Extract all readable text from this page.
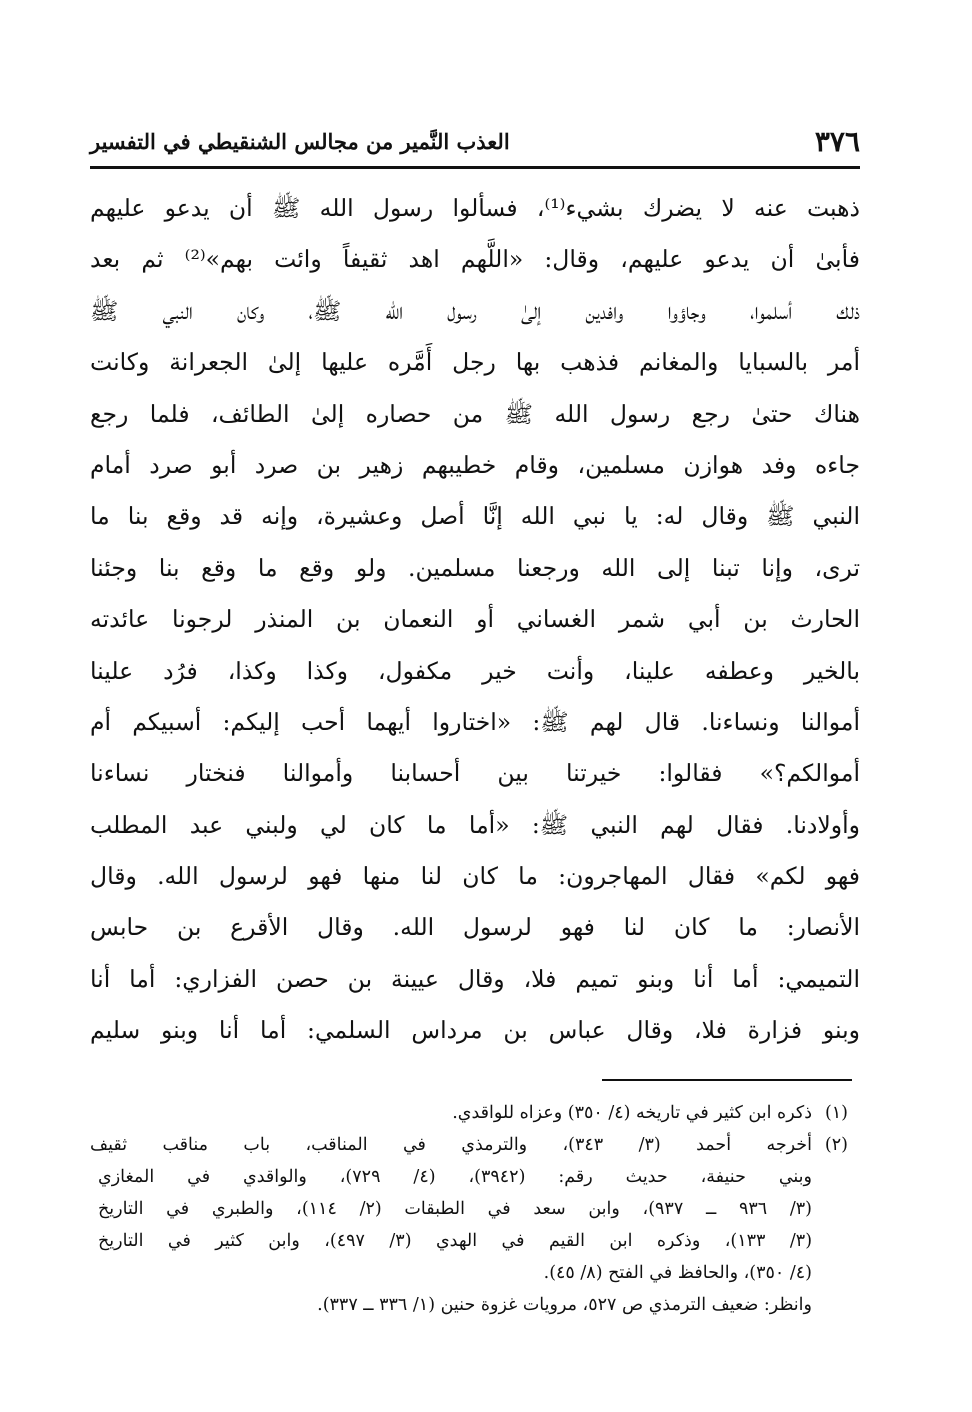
٣٧٦
العذب النَّمير من مجالس الشنقيطي في التفسير
ذهبت عنه لا يضرك بشيء⁽¹⁾، فسألوا رسول الله ﷺ أن يدعو عليهم
فأبىٰ أن يدعو عليهم، وقال: «اللَّهم اهد ثقيفاً وائت بهم»⁽²⁾ ثم بعد
ذلك أسلموا، وجاؤوا وافدين إلىٰ رسول الله ﷺ، وكان النبي ﷺ
أمر بالسبايا والمغانم فذهب بها رجل أَمَّره عليها إلىٰ الجعرانة وكانت
هناك حتىٰ رجع رسول الله ﷺ من حصاره إلىٰ الطائف، فلما رجع
جاءه وفد هوازن مسلمين، وقام خطيبهم زهير بن صرد أبو صرد أمام
النبي ﷺ وقال له: يا نبي الله إنَّا أصل وعشيرة، وإنه قد وقع بنا ما
ترى، وإنا تبنا إلى الله ورجعنا مسلمين. ولو وقع ما وقع بنا وجئنا
الحارث بن أبي شمر الغساني أو النعمان بن المنذر لرجونا عائدته
بالخير وعطفه علينا، وأنت خير مكفول، وكذا وكذا، فرُد علينا
أموالنا ونساءنا. قال لهم ﷺ: «اختاروا أيهما أحب إليكم: أسبيكم أم
أموالكم؟» فقالوا: خيرتنا بين أحسابنا وأموالنا فنختار نساءنا
وأولادنا. فقال لهم النبي ﷺ: «أما ما كان لي ولبني عبد المطلب
فهو لكم» فقال المهاجرون: ما كان لنا منها فهو لرسول الله. وقال
الأنصار: ما كان لنا فهو لرسول الله. وقال الأقرع بن حابس
التميمي: أما أنا وبنو تميم فلا، وقال عيينة بن حصن الفزاري: أما أنا
وبنو فزارة فلا، وقال عباس بن مرداس السلمي: أما أنا وبنو سليم
(١)ذكره ابن كثير في تاريخه (٤/ ٣٥٠) وعزاه للواقدي.
(٢)أخرجه أحمد (٣/ ٣٤٣)، والترمذي في المناقب، باب مناقب ثقيف
وبني حنيفة، حديث رقم: (٣٩٤٢)، (٤/ ٧٢٩)، والواقدي في المغازي
(٣/ ٩٣٦ ــ ٩٣٧)، وابن سعد في الطبقات (٢/ ١١٤)، والطبري في التاريخ
(٣/ ١٣٣)، وذكره ابن القيم في الهدي (٣/ ٤٩٧)، وابن كثير في التاريخ
(٤/ ٣٥٠)، والحافظ في الفتح (٨/ ٤٥).
وانظر: ضعيف الترمذي ص ٥٢٧، مرويات غزوة حنين (١/ ٣٣٦ ــ ٣٣٧).
